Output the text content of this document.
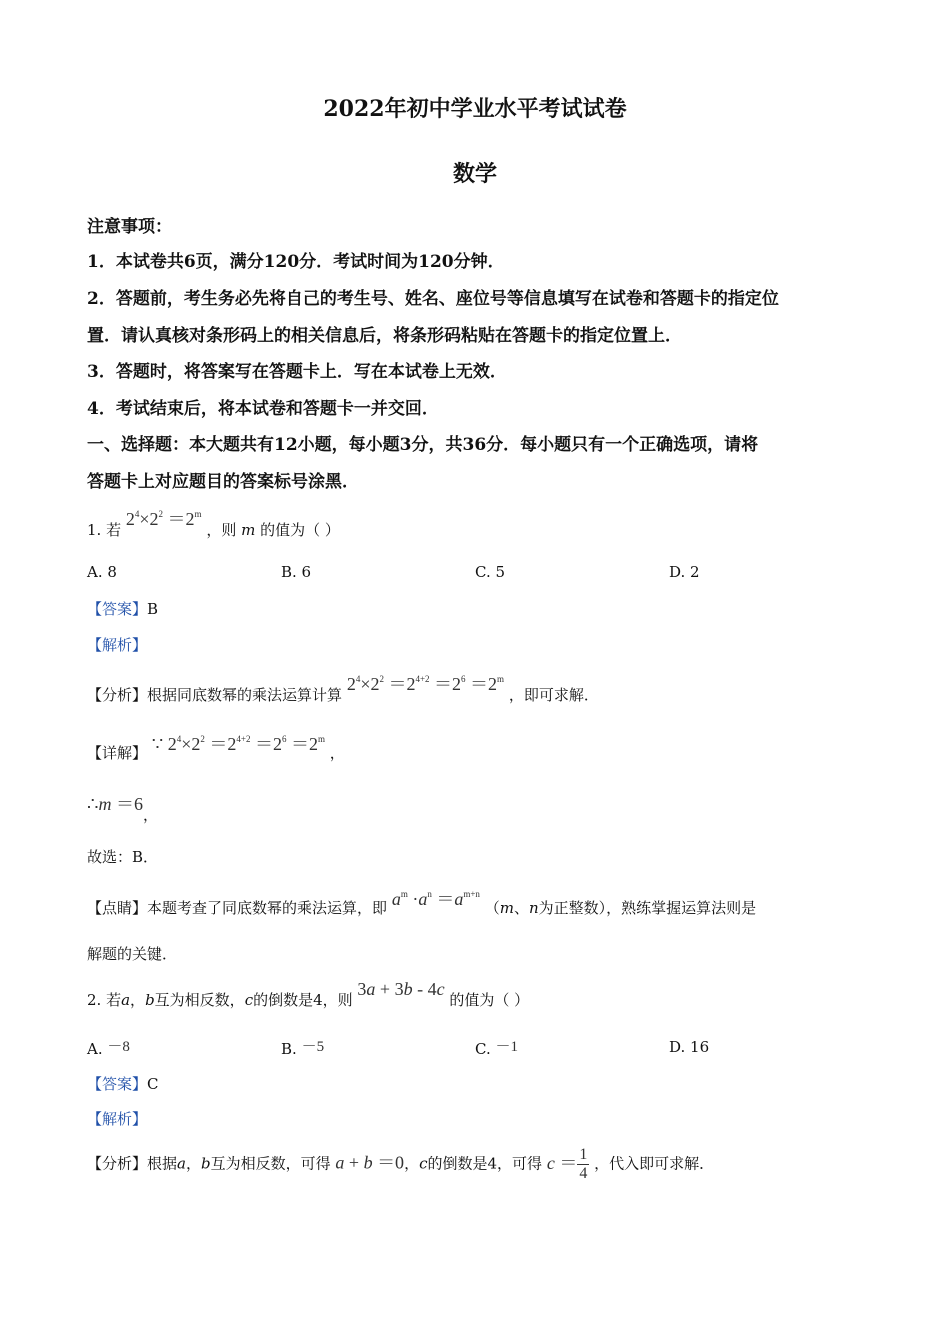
2022年初中学业水平考试试卷
数学
注意事项：
1．本试卷共6页，满分120分．考试时间为120分钟．
2．答题前，考生务必先将自己的考生号、姓名、座位号等信息填写在试卷和答题卡的指定位
置．请认真核对条形码上的相关信息后，将条形码粘贴在答题卡的指定位置上．
3．答题时，将答案写在答题卡上．写在本试卷上无效．
4．考试结束后，将本试卷和答题卡一并交回．
一、选择题：本大题共有12小题，每小题3分，共36分．每小题只有一个正确选项，请将
答题卡上对应题目的答案标号涂黑．
1. 若 $2^4\times 2^2 =2^m$ ，则 m 的值为（ ）
A. 8	B. 6	C. 5	D. 2
【答案】B
【解析】
【分析】根据同底数幂的乘法运算计算 $2^4\times 2^2 =2^{4+2} =2^6 =2^m$ ，即可求解．
【详解】 ∵ $2^4\times 2^2 =2^{4+2} =2^6 =2^m$ ，
∴m ＝6，
故选：B．
【点睛】本题考查了同底数幂的乘法运算，即 $a^m \cdot a^n =a^{m+n}$ （m、n为正整数），熟练掌握运算法则是
解题的关键．
2. 若a，b互为相反数，c的倒数是4，则 3a + 3b - 4c 的值为（ ）
A. －8	B. －5	C. －1	D. 16
【答案】C
【解析】
【分析】根据a，b互为相反数，可得 a + b ＝0，c的倒数是4，可得 $c = \frac{1}{4}$ ，代入即可求解．
